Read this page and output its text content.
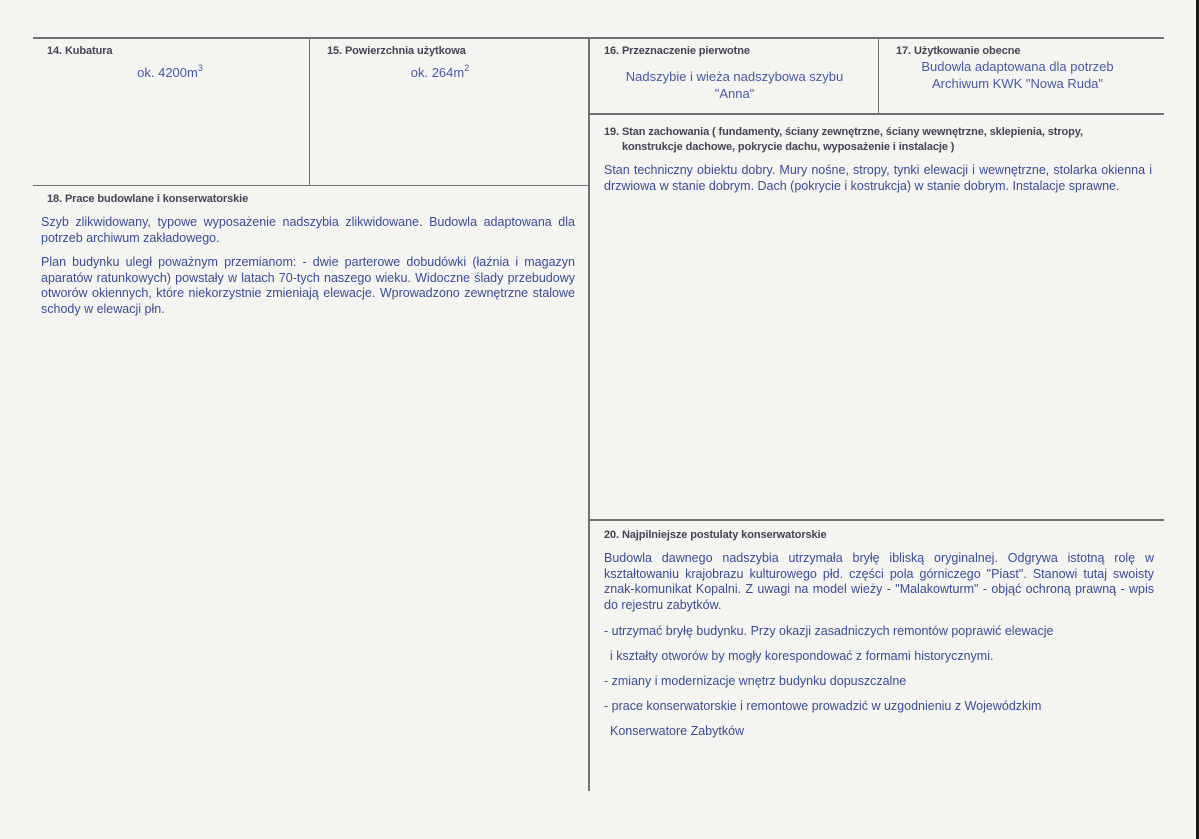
14. Kubatura
ok. $4200m^3$
15. Powierzchnia użytkowa
ok. $264m^2$
16. Przeznaczenie pierwotne
Nadszybie i wieża nadszybowa szybu "Anna"
17. Użytkowanie obecne
Budowla adaptowana dla potrzeb Archiwum KWK "Nowa Ruda"
19. Stan zachowania ( fundamenty, ściany zewnętrzne, ściany wewnętrzne, sklepienia, stropy,
konstrukcje dachowe, pokrycie dachu, wyposażenie i instalacje )
Stan techniczny obiektu dobry. Mury nośne, stropy, tynki elewacji i wewnętrzne, stolarka okienna i drzwiowa w stanie dobrym. Dach (pokrycie i kostrukcja) w stanie dobrym. Instalacje sprawne.
18. Prace budowlane i konserwatorskie

Szyb zlikwidowany, typowe wyposażenie nadszybia zlikwidowane. Budowla adaptowana dla potrzeb archiwum zakładowego.

Plan budynku uległ poważnym przemianom: - dwie parterowe dobudówki (łaźnia i magazyn aparatów ratunkowych) powstały w latach 70-tych naszego wieku. Widoczne ślady przebudowy otworów okiennych, które niekorzystnie zmieniają elewacje. Wprowadzono zewnętrzne stalowe schody w elewacji płn.

20. Najpilniejsze postulaty konserwatorskie
Budowla dawnego nadszybia utrzymała bryłę ibliską oryginalnej. Odgrywa istotną rolę w kształtowaniu krajobrazu kulturowego płd. części pola górniczego "Piast". Stanowi tutaj swoisty znak-komunikat Kopalni. Z uwagi na model wieży - "Malakowturm" - objąć ochroną prawną - wpis do rejestru zabytków.
- utrzymać bryłę budynku. Przy okazji zasadniczych remontów poprawić elewacje
i kształty otworów by mogły korespondować z formami historycznymi.
- zmiany i modernizacje wnętrz budynku dopuszczalne
- prace konserwatorskie i remontowe prowadzić w uzgodnieniu z Wojewódzkim
Konserwatore Zabytków
